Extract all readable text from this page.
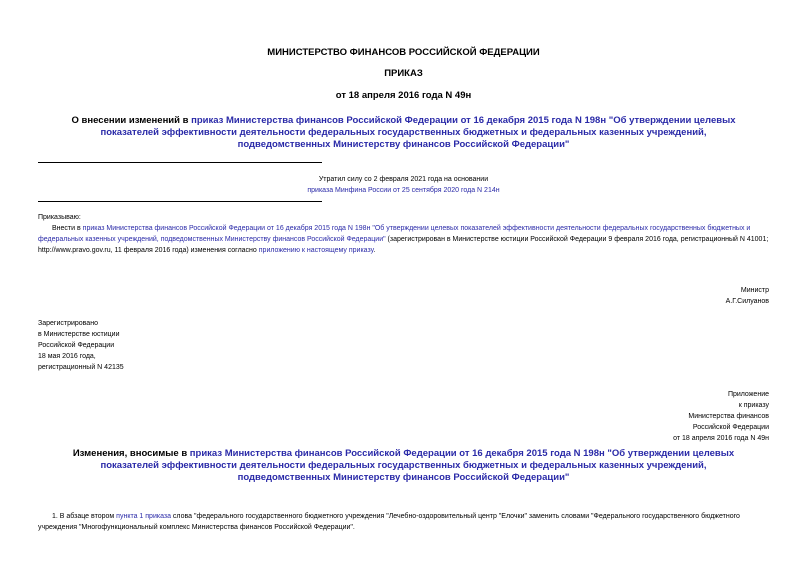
МИНИСТЕРСТВО ФИНАНСОВ РОССИЙСКОЙ ФЕДЕРАЦИИ
ПРИКАЗ
от 18 апреля 2016 года N 49н
О внесении изменений в приказ Министерства финансов Российской Федерации от 16 декабря 2015 года N 198н "Об утверждении целевых показателей эффективности деятельности федеральных государственных бюджетных и федеральных казенных учреждений, подведомственных Министерству финансов Российской Федерации"
Утратил силу со 2 февраля 2021 года на основании
приказа Минфина России от 25 сентября 2020 года N 214н
Приказываю:
Внести в приказ Министерства финансов Российской Федерации от 16 декабря 2015 года N 198н "Об утверждении целевых показателей эффективности деятельности федеральных государственных бюджетных и федеральных казенных учреждений, подведомственных Министерству финансов Российской Федерации" (зарегистрирован в Министерстве юстиции Российской Федерации 9 февраля 2016 года, регистрационный N 41001; http://www.pravo.gov.ru, 11 февраля 2016 года) изменения согласно приложению к настоящему приказу.
Министр
А.Г.Силуанов
Зарегистрировано
в Министерстве юстиции
Российской Федерации
18 мая 2016 года,
регистрационный N 42135
Приложение
к приказу
Министерства финансов
Российской Федерации
от 18 апреля 2016 года N 49н
Изменения, вносимые в приказ Министерства финансов Российской Федерации от 16 декабря 2015 года N 198н "Об утверждении целевых показателей эффективности деятельности федеральных государственных бюджетных и федеральных казенных учреждений, подведомственных Министерству финансов Российской Федерации"
1. В абзаце втором пункта 1 приказа слова "федерального государственного бюджетного учреждения "Лечебно-оздоровительный центр "Елочки" заменить словами "Федерального государственного бюджетного учреждения "Многофункциональный комплекс Министерства финансов Российской Федерации".
